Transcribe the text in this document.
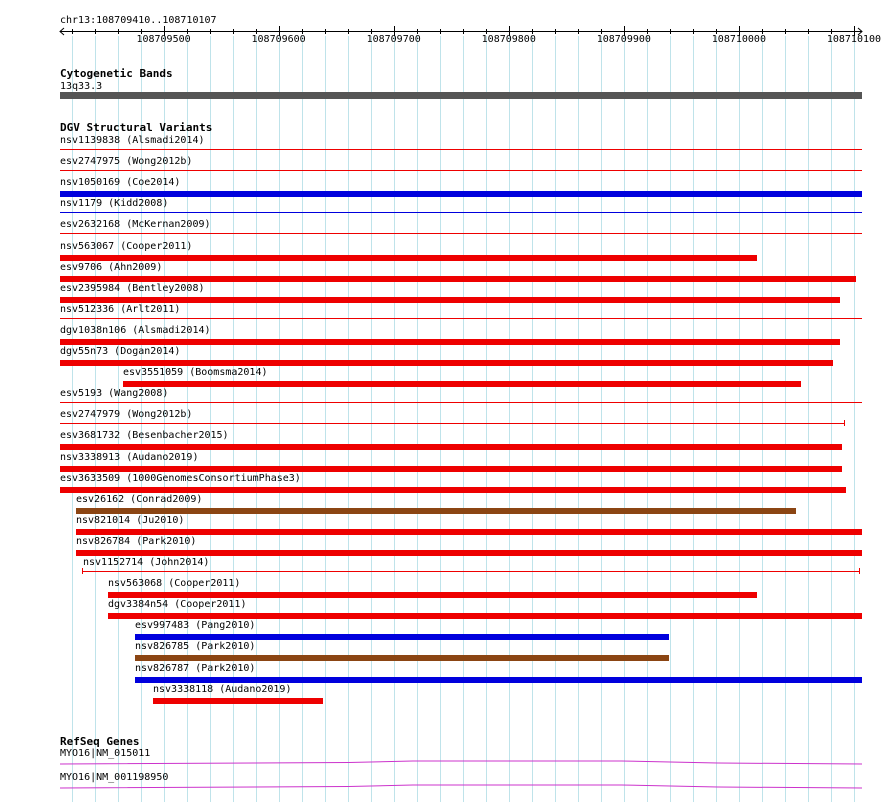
chr13:108709410..108710107
108709500	108709600	108709700	108709800	108709900	108710000	108710100
Cytogenetic Bands
13q33.3
DGV Structural Variants
nsv1139838 (Alsmadi2014)
esv2747975 (Wong2012b)
nsv1050169 (Coe2014)
nsv1179 (Kidd2008)
esv2632168 (McKernan2009)
nsv563067 (Cooper2011)
esv9706 (Ahn2009)
esv2395984 (Bentley2008)
nsv512336 (Arlt2011)
dgv1038n106 (Alsmadi2014)
dgv55n73 (Dogan2014)
esv3551059 (Boomsma2014)
esv5193 (Wang2008)
esv2747979 (Wong2012b)
esv3681732 (Besenbacher2015)
nsv3338913 (Audano2019)
esv3633509 (1000GenomesConsortiumPhase3)
esv26162 (Conrad2009)
nsv821014 (Ju2010)
nsv826784 (Park2010)
nsv1152714 (John2014)
nsv563068 (Cooper2011)
dgv3384n54 (Cooper2011)
esv997483 (Pang2010)
nsv826785 (Park2010)
nsv826787 (Park2010)
nsv3338118 (Audano2019)
RefSeq Genes
MYO16|NM_015011
MYO16|NM_001198950
